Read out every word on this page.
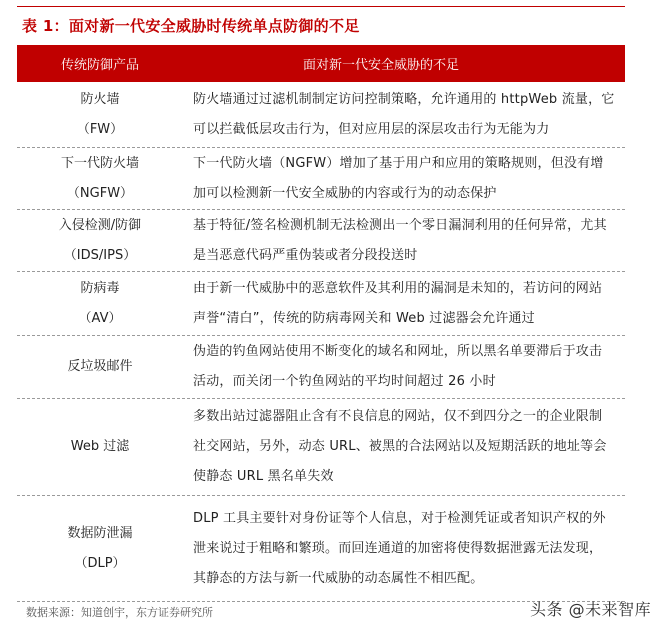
表 1：面对新一代安全威胁时传统单点防御的不足
传统防御产品	面对新一代安全威胁的不足
防火墙
（FW）
防火墙通过过滤机制制定访问控制策略，允许通用的 httpWeb 流量，它
可以拦截低层攻击行为，但对应用层的深层攻击行为无能为力
下一代防火墙
（NGFW）
下一代防火墙（NGFW）增加了基于用户和应用的策略规则，但没有增
加可以检测新一代安全威胁的内容或行为的动态保护
入侵检测/防御
（IDS/IPS）
基于特征/签名检测机制无法检测出一个零日漏洞利用的任何异常，尤其
是当恶意代码严重伪装或者分段投送时
防病毒
（AV）
由于新一代威胁中的恶意软件及其利用的漏洞是未知的，若访问的网站
声誉“清白”，传统的防病毒网关和 Web 过滤器会允许通过
反垃圾邮件
伪造的钓鱼网站使用不断变化的域名和网址，所以黑名单要滞后于攻击
活动，而关闭一个钓鱼网站的平均时间超过 26 小时
Web 过滤
多数出站过滤器阻止含有不良信息的网站，仅不到四分之一的企业限制
社交网站，另外，动态 URL、被黑的合法网站以及短期活跃的地址等会
使静态 URL 黑名单失效
数据防泄漏
（DLP）
DLP 工具主要针对身份证等个人信息，对于检测凭证或者知识产权的外
泄来说过于粗略和繁琐。而回连通道的加密将使得数据泄露无法发现，
其静态的方法与新一代威胁的动态属性不相匹配。
数据来源：知道创宇，东方证券研究所	头条 @未来智库
